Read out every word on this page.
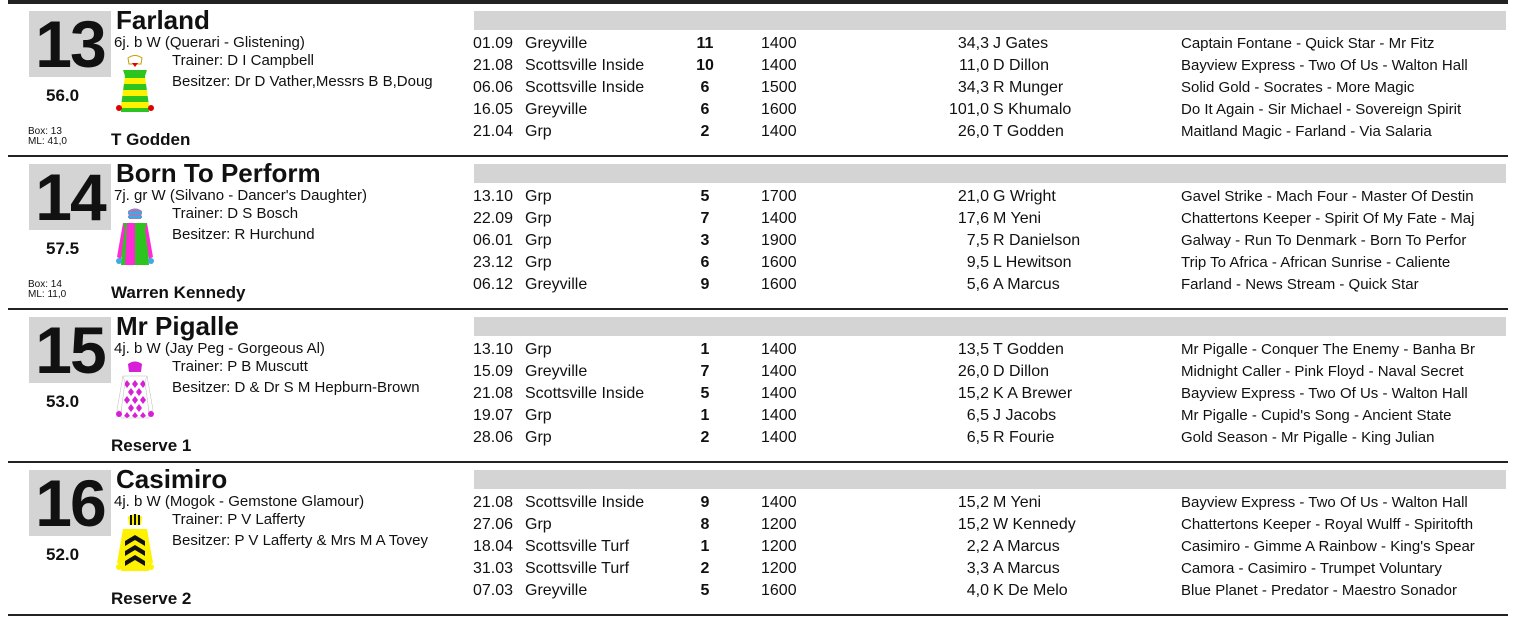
13 Farland
6j. b W (Querari - Glistening)
Trainer: D I Campbell
Besitzer: Dr D Vather,Messrs B B,Doug
56.0
Box: 13
ML: 41,0	T Godden
01.09 Greyville	11	1400	34,3 J Gates	Captain Fontane - Quick Star - Mr Fitz
21.08 Scottsville Inside	10	1400	11,0 D Dillon	Bayview Express - Two Of Us - Walton Hall
06.06 Scottsville Inside	6	1500	34,3 R Munger	Solid Gold - Socrates - More Magic
16.05 Greyville	6	1600	101,0 S Khumalo	Do It Again - Sir Michael - Sovereign Spirit
21.04 Grp	2	1400	26,0 T Godden	Maitland Magic - Farland - Via Salaria
14 Born To Perform
7j. gr W (Silvano - Dancer's Daughter)
Trainer: D S Bosch
Besitzer: R Hurchund
57.5
Box: 14
ML: 11,0	Warren Kennedy
13.10 Grp	5	1700	21,0 G Wright	Gavel Strike - Mach Four - Master Of Destin
22.09 Grp	7	1400	17,6 M Yeni	Chattertons Keeper - Spirit Of My Fate - Maj
06.01 Grp	3	1900	7,5 R Danielson	Galway - Run To Denmark - Born To Perfor
23.12 Grp	6	1600	9,5 L Hewitson	Trip To Africa - African Sunrise - Caliente
06.12 Greyville	9	1600	5,6 A Marcus	Farland - News Stream - Quick Star
15 Mr Pigalle
4j. b W (Jay Peg - Gorgeous Al)
Trainer: P B Muscutt
Besitzer: D & Dr S M Hepburn-Brown
53.0
Reserve 1
13.10 Grp	1	1400	13,5 T Godden	Mr Pigalle - Conquer The Enemy - Banha Br
15.09 Greyville	7	1400	26,0 D Dillon	Midnight Caller - Pink Floyd - Naval Secret
21.08 Scottsville Inside	5	1400	15,2 K A Brewer	Bayview Express - Two Of Us - Walton Hall
19.07 Grp	1	1400	6,5 J Jacobs	Mr Pigalle - Cupid's Song - Ancient State
28.06 Grp	2	1400	6,5 R Fourie	Gold Season - Mr Pigalle - King Julian
16 Casimiro
4j. b W (Mogok - Gemstone Glamour)
Trainer: P V Lafferty
Besitzer: P V Lafferty & Mrs M A Tovey
52.0
Reserve 2
21.08 Scottsville Inside	9	1400	15,2 M Yeni	Bayview Express - Two Of Us - Walton Hall
27.06 Grp	8	1200	15,2 W Kennedy	Chattertons Keeper - Royal Wulff - Spiritofth
18.04 Scottsville Turf	1	1200	2,2 A Marcus	Casimiro - Gimme A Rainbow - King's Spear
31.03 Scottsville Turf	2	1200	3,3 A Marcus	Camora - Casimiro - Trumpet Voluntary
07.03 Greyville	5	1600	4,0 K De Melo	Blue Planet - Predator - Maestro Sonador
